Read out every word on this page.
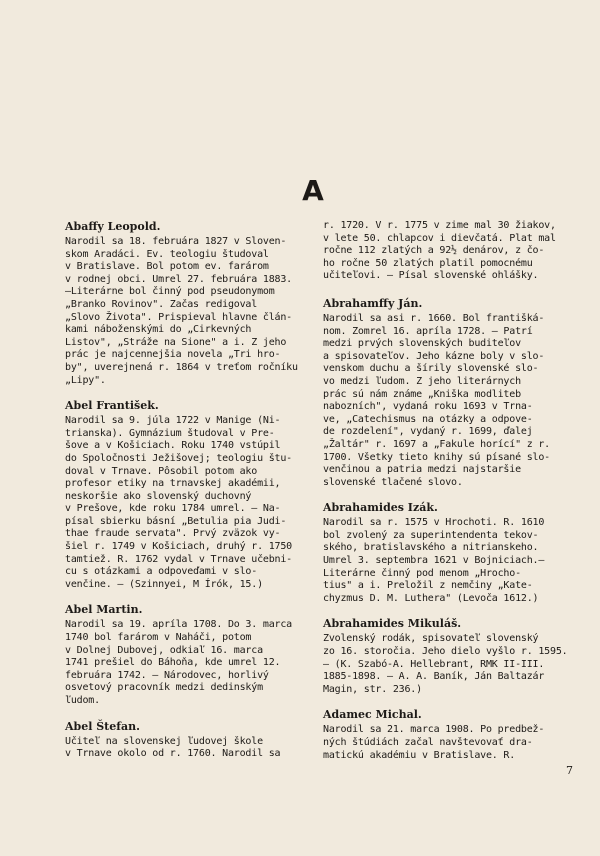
A
Abaffy Leopold.
Narodil sa 18. februára 1827 v Sloven-
skom Aradáci. Ev. teologiu študoval
v Bratislave. Bol potom ev. farárom
v rodnej obci. Umrel 27. februára 1883.
—Literárne bol činný pod pseudonymom
„Branko Rovinov". Začas redigoval
„Slovo Života". Prispieval hlavne člán-
kami náboženskými do „Cirkevných
Listov", „Stráže na Sione" a i. Z jeho
prác je najcennejšia novela „Tri hro-
by", uverejnená r. 1864 v treťom ročníku
„Lipy".
Abel František.
Narodil sa 9. júla 1722 v Manige (Ni-
trianska). Gymnázium študoval v Pre-
šove a v Košiciach. Roku 1740 vstúpil
do Spoločnosti Ježišovej; teologiu štu-
doval v Trnave. Pôsobil potom ako
profesor etiky na trnavskej akadémii,
neskoršie ako slovenský duchovný
v Prešove, kde roku 1784 umrel. — Na-
písal sbierku básní „Betulia pia Judi-
thae fraude servata". Prvý zväzok vy-
šiel r. 1749 v Košiciach, druhý r. 1750
tamtiež. R. 1762 vydal v Trnave učebni-
cu s otázkami a odpoveďami v slo-
venčine. — (Szinnyei, M Írók, 15.)
Abel Martin.
Narodil sa 19. apríla 1708. Do 3. marca
1740 bol farárom v Naháči, potom
v Dolnej Dubovej, odkiaľ 16. marca
1741 prešiel do Báhoňa, kde umrel 12.
februára 1742. — Národovec, horlivý
osvetový pracovník medzi dedinským
ľudom.
Abel Štefan.
Učiteľ na slovenskej ľudovej škole
v Trnave okolo od r. 1760. Narodil sa
r. 1720. V r. 1775 v zime mal 30 žiakov,
v lete 50. chlapcov i dievčatá. Plat mal
ročne 112 zlatých a 92½ denárov, z čo-
ho ročne 50 zlatých platil pomocnému
učiteľovi. — Písal slovenské ohlášky.
Abrahamffy Ján.
Narodil sa asi r. 1660. Bol františká-
nom. Zomrel 16. apríla 1728. — Patrí
medzi prvých slovenských buditeľov
a spisovateľov. Jeho kázne boly v slo-
venskom duchu a šírily slovenské slo-
vo medzi ľudom. Z jeho literárnych
prác sú nám známe „Kniška modliteb
nabozních", vydaná roku 1693 v Trna-
ve, „Catechismus na otázky a odpove-
de rozdelení", vydaný r. 1699, ďalej
„Žaltár" r. 1697 a „Fakule horící" z r.
1700. Všetky tieto knihy sú písané slo-
venčinou a patria medzi najstaršie
slovenské tlačené slovo.
Abrahamides Izák.
Narodil sa r. 1575 v Hrochoti. R. 1610
bol zvolený za superintendenta tekov-
ského, bratislavského a nitrianskeho.
Umrel 3. septembra 1621 v Bojniciach.—
Literárne činný pod menom „Hrocho-
tius" a i. Preložil z nemčiny „Kate-
chyzmus D. M. Luthera" (Levoča 1612.)
Abrahamides Mikuláš.
Zvolenský rodák, spisovateľ slovenský
zo 16. storočia. Jeho dielo vyšlo r. 1595.
— (K. Szabó-A. Hellebrant, RMK II-III.
1885-1898. — A. A. Baník, Ján Baltazár
Magin, str. 236.)
Adamec Michal.
Narodil sa 21. marca 1908. Po predbež-
ných štúdiách začal navštevovať dra-
matickú akadémiu v Bratislave. R.
7
